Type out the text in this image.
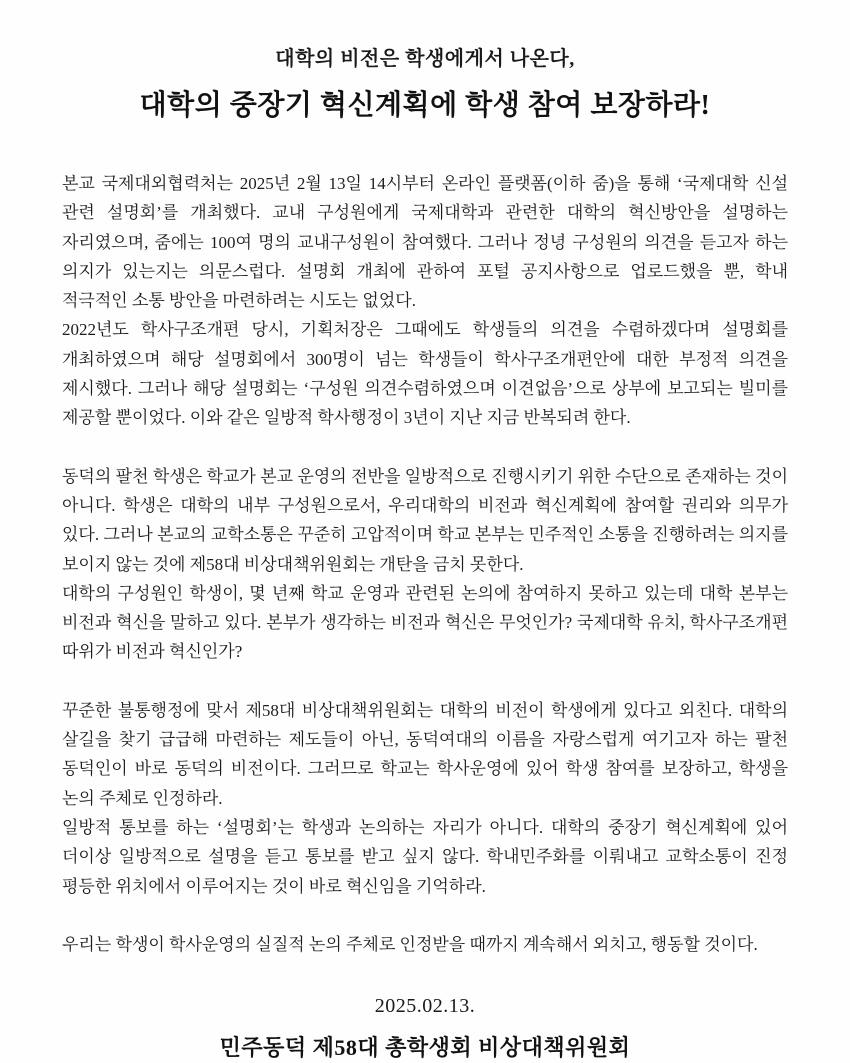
대학의 비전은 학생에게서 나온다,
대학의 중장기 혁신계획에 학생 참여 보장하라!

본교 국제대외협력처는 2025년 2월 13일 14시부터 온라인 플랫폼(이하 줌)을 통해 ‘국제대학 신설 관련 설명회’를 개최했다. 교내 구성원에게 국제대학과 관련한 대학의 혁신방안을 설명하는 자리였으며, 줌에는 100여 명의 교내구성원이 참여했다. 그러나 정녕 구성원의 의견을 듣고자 하는 의지가 있는지는 의문스럽다. 설명회 개최에 관하여 포털 공지사항으로 업로드했을 뿐, 학내 적극적인 소통 방안을 마련하려는 시도는 없었다.

2022년도 학사구조개편 당시, 기획처장은 그때에도 학생들의 의견을 수렴하겠다며 설명회를 개최하였으며 해당 설명회에서 300명이 넘는 학생들이 학사구조개편안에 대한 부정적 의견을 제시했다. 그러나 해당 설명회는 ‘구성원 의견수렴하였으며 이견없음’으로 상부에 보고되는 빌미를 제공할 뿐이었다. 이와 같은 일방적 학사행정이 3년이 지난 지금 반복되려 한다.

동덕의 팔천 학생은 학교가 본교 운영의 전반을 일방적으로 진행시키기 위한 수단으로 존재하는 것이 아니다. 학생은 대학의 내부 구성원으로서, 우리대학의 비전과 혁신계획에 참여할 권리와 의무가 있다. 그러나 본교의 교학소통은 꾸준히 고압적이며 학교 본부는 민주적인 소통을 진행하려는 의지를 보이지 않는 것에 제58대 비상대책위원회는 개탄을 금치 못한다.

대학의 구성원인 학생이, 몇 년째 학교 운영과 관련된 논의에 참여하지 못하고 있는데 대학 본부는 비전과 혁신을 말하고 있다. 본부가 생각하는 비전과 혁신은 무엇인가? 국제대학 유치, 학사구조개편 따위가 비전과 혁신인가?

꾸준한 불통행정에 맞서 제58대 비상대책위원회는 대학의 비전이 학생에게 있다고 외친다. 대학의 살길을 찾기 급급해 마련하는 제도들이 아닌, 동덕여대의 이름을 자랑스럽게 여기고자 하는 팔천 동덕인이 바로 동덕의 비전이다. 그러므로 학교는 학사운영에 있어 학생 참여를 보장하고, 학생을 논의 주체로 인정하라.

일방적 통보를 하는 ‘설명회’는 학생과 논의하는 자리가 아니다. 대학의 중장기 혁신계획에 있어 더이상 일방적으로 설명을 듣고 통보를 받고 싶지 않다. 학내민주화를 이뤄내고 교학소통이 진정 평등한 위치에서 이루어지는 것이 바로 혁신임을 기억하라.

우리는 학생이 학사운영의 실질적 논의 주체로 인정받을 때까지 계속해서 외치고, 행동할 것이다.

2025.02.13.
민주동덕 제58대 총학생회 비상대책위원회
